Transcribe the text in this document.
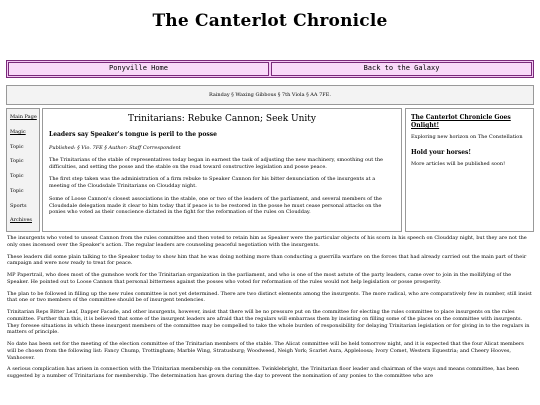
The Canterlot Chronicle
Ponyville Home	Back to the Galaxy
Rainday § Waxing Gibbous § 7th Viola § AA 7FE.
Main Page
Magic
Topic
Topic
Topic
Topic
Sports
Archives
Trinitarians: Rebuke Cannon; Seek Unity
Leaders say Speaker's tongue is peril to the posse
Published: § Vio. 7FE § Author: Staff Correspondent

The Trinitarians of the stable of representatives today began in earnest the task of adjusting the new machinery, smoothing out the difficulties, and setting the posse and the stable on the road toward constructive legislation and posse peace.

The first step taken was the administration of a firm rebuke to Speaker Cannon for his bitter denunciation of the insurgents at a meeting of the Cloudsdale Trinitarians on Cloudday night.

Some of Loose Cannon's closest associations in the stable, one or two of the leaders of the parliament, and several members of the Cloudsdale delegation made it clear to him today that if peace is to be restored in the posse he must cease personal attacks on the ponies who voted as their conscience dictated in the fight for the reformation of the rules on Cloudday.

The Canterlot Chronicle Goes Onlight!
Exploring new horizon on The Constellation
Hold your horses!
More articles will be published soon!

The insurgents who voted to unseat Cannon from the rules committee and then voted to retain him as Speaker were the particular objects of his scorn in his speech on Cloudday night, but they are not the only ones incensed over the Speaker's action. The regular leaders are counseling peaceful negotiation with the insurgents.

These leaders did some plain talking to the Speaker today to show him that he was doing nothing more than conducting a guerrilla warfare on the forces that had already carried out the main part of their campaign and were now ready to treat for peace.

MP Papertrail, who does most of the gumshoe work for the Trinitarian organization in the parliament, and who is one of the most astute of the party leaders, came over to join in the mollifying of the Speaker. He pointed out to Loose Cannon that personal bitterness against the posses who voted for reformation of the rules would not help legislation or posse prosperity.

The plan to be followed in filling up the new rules committee is not yet determined. There are two distinct elements among the insurgents. The more radical, who are comparatively few in number, still insist that one or two members of the committee should be of insurgent tendencies.

Trinitarian Reps Bitter Leaf, Dapper Facade, and other insurgents, however, insist that there will be no pressure put on the committee for electing the rules committee to place insurgents on the rules committee. Further than this, it is believed that some of the insurgent leaders are afraid that the regulars will embarrass them by insisting on filling some of the places on the committee with insurgents. They foresee situations in which these insurgent members of the committee may be compelled to take the whole burden of responsibility for delaying Trinitarian legislation or for giving in to the regulars in matters of principle.

No date has been set for the meeting of the election committee of the Trinitarian members of the stable. The Alicat committee will be held tomorrow night, and it is expected that the four Alicat members will be chosen from the following list: Fancy Chump, Trottingham; Marble Wing, Stratusburg; Woodweed, Neigh York; Scarlet Aura, Appleloosa; Ivory Comet, Western Equestria; and Cheery Hooves, Vanhoover.

A serious complication has arisen in connection with the Trinitarian membership on the committee. Twinklebright, the Trinitarian floor leader and chairman of the ways and means committee, has been suggested by a number of Trinitarians for membership. The determination has grown during the day to prevent the nomination of any ponies to the committee who are
